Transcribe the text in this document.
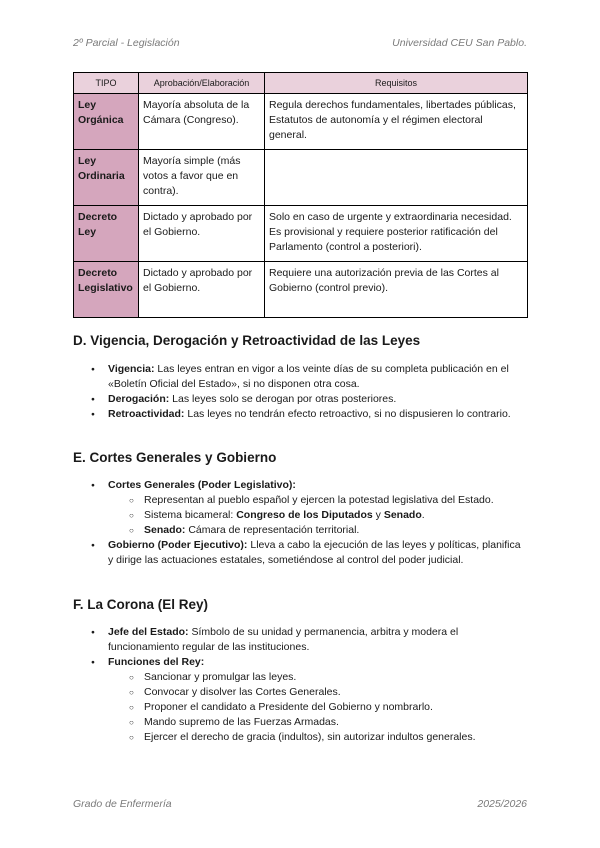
2º Parcial - Legislación	Universidad CEU San Pablo.
TIPO	Aprobación/Elaboración	Requisitos
Ley Orgánica	Mayoría absoluta de la Cámara (Congreso).	Regula derechos fundamentales, libertades públicas, Estatutos de autonomía y el régimen electoral general.
Ley Ordinaria	Mayoría simple (más votos a favor que en contra).	
Decreto Ley	Dictado y aprobado por el Gobierno.	Solo en caso de urgente y extraordinaria necesidad. Es provisional y requiere posterior ratificación del Parlamento (control a posteriori).
Decreto Legislativo	Dictado y aprobado por el Gobierno.	Requiere una autorización previa de las Cortes al Gobierno (control previo).
D. Vigencia, Derogación y Retroactividad de las Leyes
● Vigencia: Las leyes entran en vigor a los veinte días de su completa publicación en el «Boletín Oficial del Estado», si no disponen otra cosa.
● Derogación: Las leyes solo se derogan por otras posteriores.
● Retroactividad: Las leyes no tendrán efecto retroactivo, si no dispusieren lo contrario.
E. Cortes Generales y Gobierno
● Cortes Generales (Poder Legislativo):
○ Representan al pueblo español y ejercen la potestad legislativa del Estado.
○ Sistema bicameral: Congreso de los Diputados y Senado.
○ Senado: Cámara de representación territorial.
● Gobierno (Poder Ejecutivo): Lleva a cabo la ejecución de las leyes y políticas, planifica y dirige las actuaciones estatales, sometiéndose al control del poder judicial.
F. La Corona (El Rey)
● Jefe del Estado: Símbolo de su unidad y permanencia, arbitra y modera el funcionamiento regular de las instituciones.
● Funciones del Rey:
○ Sancionar y promulgar las leyes.
○ Convocar y disolver las Cortes Generales.
○ Proponer el candidato a Presidente del Gobierno y nombrarlo.
○ Mando supremo de las Fuerzas Armadas.
○ Ejercer el derecho de gracia (indultos), sin autorizar indultos generales.
Grado de Enfermería	2025/2026
